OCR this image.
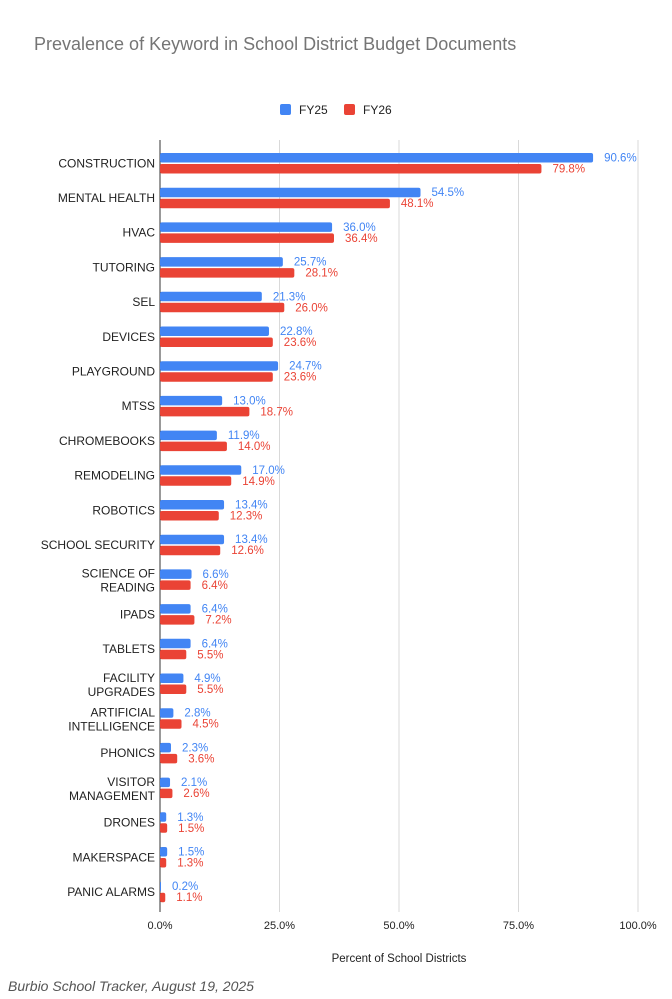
Prevalence of Keyword in School District Budget Documents
90.6%
79.8%
54.5%
48.1%
36.0%
36.4%
25.7%
28.1%
21.3%
26.0%
22.8%
23.6%
24.7%
23.6%
13.0%
18.7%
11.9%
14.0%
17.0%
14.9%
13.4%
12.3%
13.4%
12.6%
6.6%
6.4%
6.4%
7.2%
6.4%
5.5%
4.9%
5.5%
2.8%
4.5%
2.3%
3.6%
2.1%
2.6%
1.3%
1.5%
1.5%
1.3%
0.2%
1.1%
CONSTRUCTION
MENTAL HEALTH
HVAC
TUTORING
SEL
DEVICES
PLAYGROUND
MTSS
CHROMEBOOKS
REMODELING
ROBOTICS
SCHOOL SECURITY
SCIENCE OF
READING
IPADS
TABLETS
FACILITY
UPGRADES
ARTIFICIAL
INTELLIGENCE
PHONICS
VISITOR
MANAGEMENT
DRONES
MAKERSPACE
PANIC ALARMS
0.0%	25.0%	50.0%	75.0%	100.0%
FY25	FY26
Percent of School Districts
Burbio School Tracker, August 19, 2025
